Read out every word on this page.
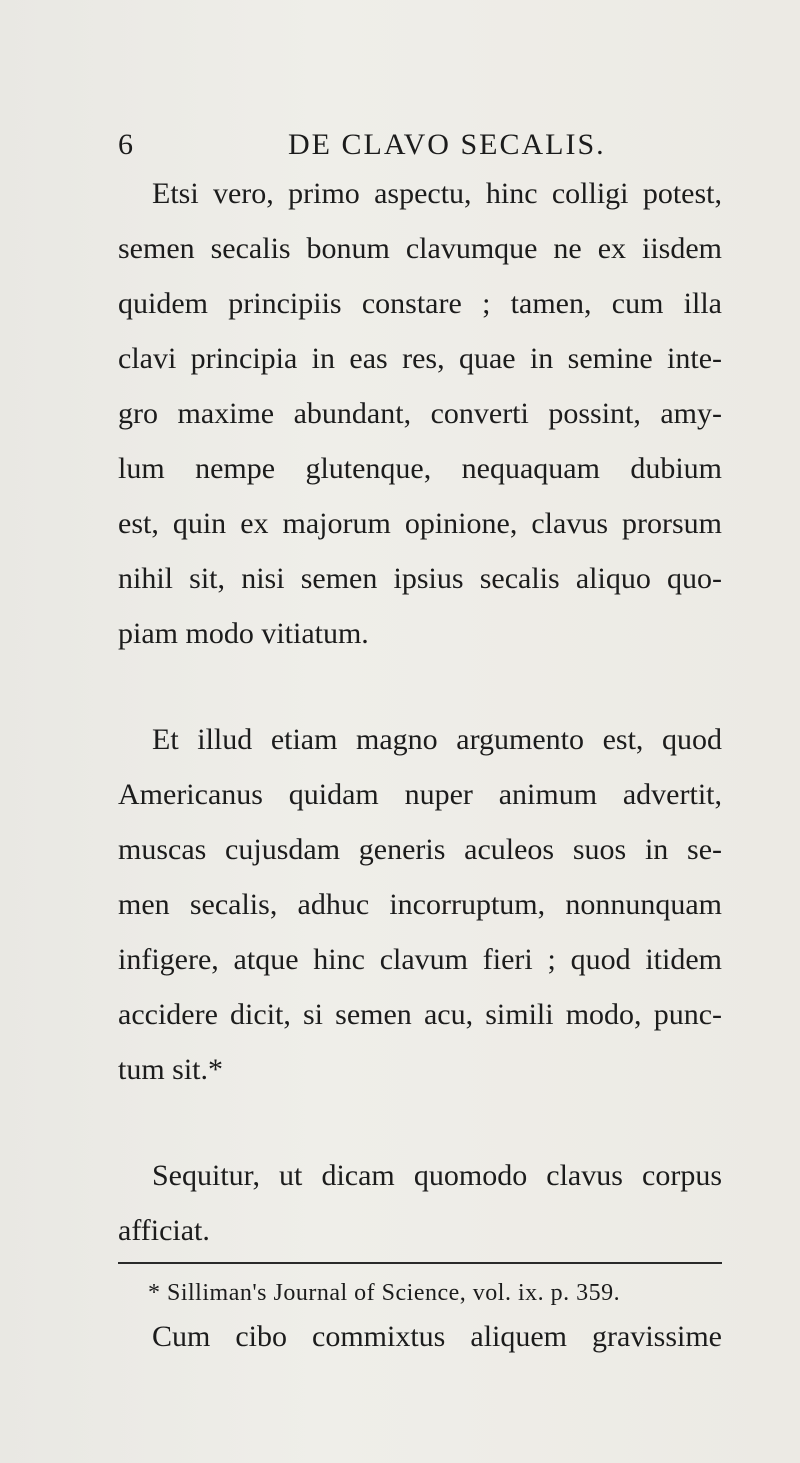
6	DE CLAVO SECALIS.

Etsi vero, primo aspectu, hinc colligi potest,
semen secalis bonum clavumque ne ex iisdem
quidem principiis constare ; tamen, cum illa
clavi principia in eas res, quae in semine inte-
gro maxime abundant, converti possint, amy-
lum nempe glutenque, nequaquam dubium
est, quin ex majorum opinione, clavus prorsum
nihil sit, nisi semen ipsius secalis aliquo quo-
piam modo vitiatum.

Et illud etiam magno argumento est, quod
Americanus quidam nuper animum advertit,
muscas cujusdam generis aculeos suos in se-
men secalis, adhuc incorruptum, nonnunquam
infigere, atque hinc clavum fieri ; quod itidem
accidere dicit, si semen acu, simili modo, punc-
tum sit.*

Sequitur, ut dicam quomodo clavus corpus
afficiat.

Cum cibo commixtus aliquem gravissime

* Silliman's Journal of Science, vol. ix. p. 359.
